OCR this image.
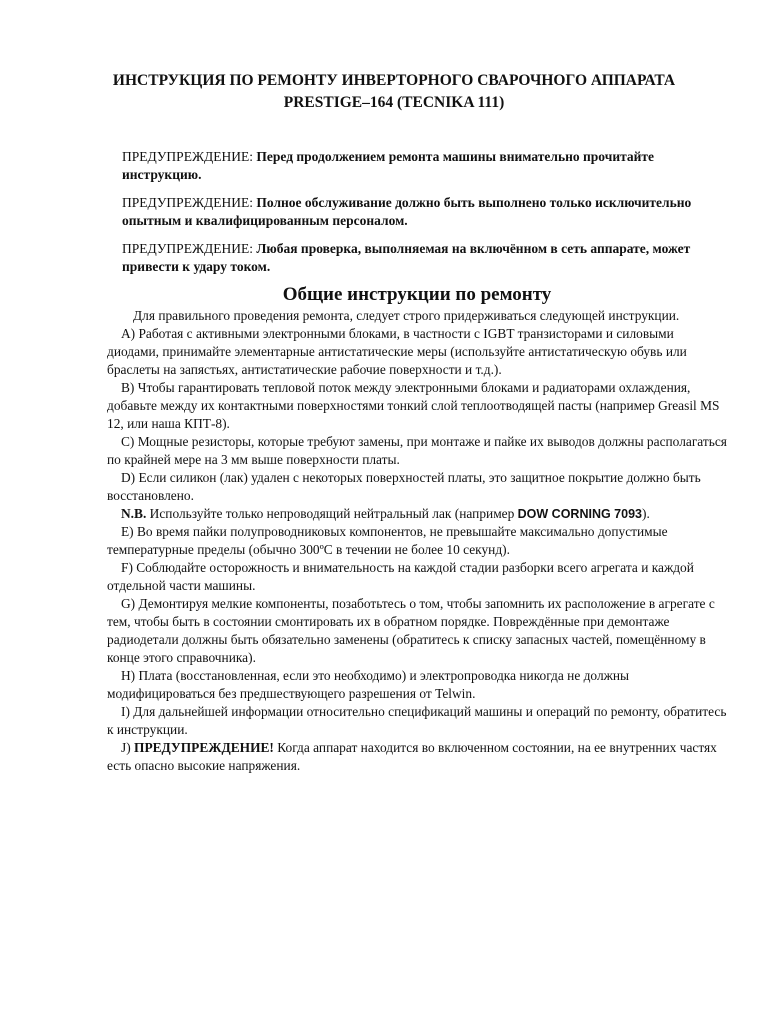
ИНСТРУКЦИЯ ПО РЕМОНТУ ИНВЕРТОРНОГО СВАРОЧНОГО АППАРАТА
PRESTIGE–164 (TECNIKA 111)

ПРЕДУПРЕЖДЕНИЕ: Перед продолжением ремонта машины внимательно прочитайте инструкцию.

ПРЕДУПРЕЖДЕНИЕ: Полное обслуживание должно быть выполнено только исключительно опытным и квалифицированным персоналом.

ПРЕДУПРЕЖДЕНИЕ: Любая проверка, выполняемая на включённом в сеть аппарате, может привести к удару током.

Общие инструкции по ремонту

Для правильного проведения ремонта, следует строго придерживаться следующей инструкции.

A) Работая с активными электронными блоками, в частности с IGBT транзисторами и силовыми диодами, принимайте элементарные антистатические меры (используйте антистатическую обувь или браслеты на запястьях, антистатические рабочие поверхности и т.д.).

B) Чтобы гарантировать тепловой поток между электронными блоками и радиаторами охлаждения, добавьте между их контактными поверхностями тонкий слой теплоотводящей пасты (например Greasil MS 12, или наша КПТ-8).

C) Мощные резисторы, которые требуют замены, при монтаже и пайке их выводов должны располагаться по крайней мере на 3 мм выше поверхности платы.

D) Если силикон (лак) удален с некоторых поверхностей платы, это защитное покрытие должно быть восстановлено.

N.B. Используйте только непроводящий нейтральный лак (например DOW CORNING 7093).

E) Во время пайки полупроводниковых компонентов, не превышайте максимально допустимые температурные пределы (обычно 300ºC в течении не более 10 секунд).

F) Соблюдайте осторожность и внимательность на каждой стадии разборки всего агрегата и каждой отдельной части машины.

G) Демонтируя мелкие компоненты, позаботьтесь о том, чтобы запомнить их расположение в агрегате с тем, чтобы быть в состоянии смонтировать их в обратном порядке. Повреждённые при демонтаже радиодетали должны быть обязательно заменены (обратитесь к списку запасных частей, помещённому в конце этого справочника).

H) Плата (восстановленная, если это необходимо) и электропроводка никогда не должны модифицироваться без предшествующего разрешения от Telwin.

I) Для дальнейшей информации относительно спецификаций машины и операций по ремонту, обратитесь к инструкции.

J) ПРЕДУПРЕЖДЕНИЕ! Когда аппарат находится во включенном состоянии, на ее внутренних частях есть опасно высокие напряжения.
